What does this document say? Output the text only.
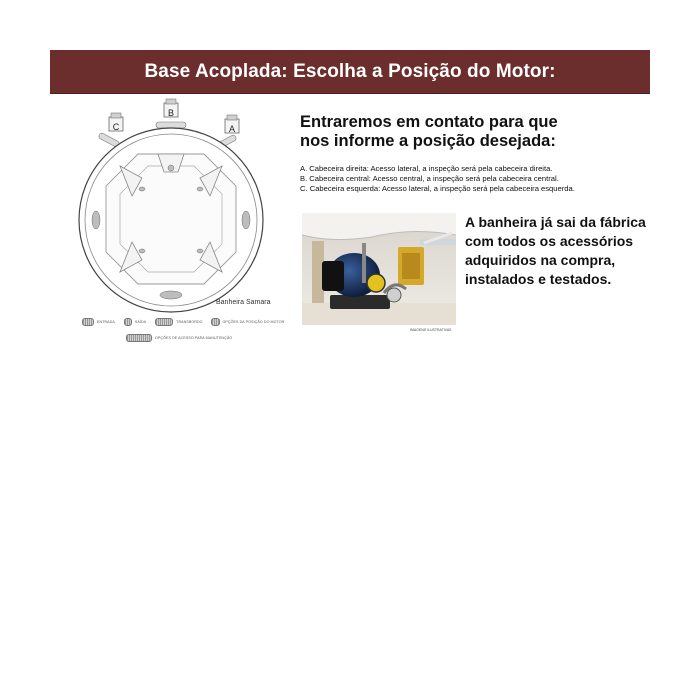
Base Acoplada: Escolha a Posição do Motor:
Banheira Samara
ENTRADA	SAÍDA	TRANSBORDO	OPÇÕES DA POSIÇÃO DO MOTOR
OPÇÕES DE ACESSO PARA MANUTENÇÃO
Entraremos em contato para que
nos informe a posição desejada:
A. Cabeceira direita: Acesso lateral, a inspeção será pela cabeceira direita.
B. Cabeceira central: Acesso central, a inspeção será pela cabeceira central.
C. Cabeceira esquerda: Acesso lateral, a inspeção será pela cabeceira esquerda.
IMAGENS ILUSTRATIVAS
A banheira já sai da fábrica
com todos os acessórios
adquiridos na compra,
instalados e testados.
C
B
A
